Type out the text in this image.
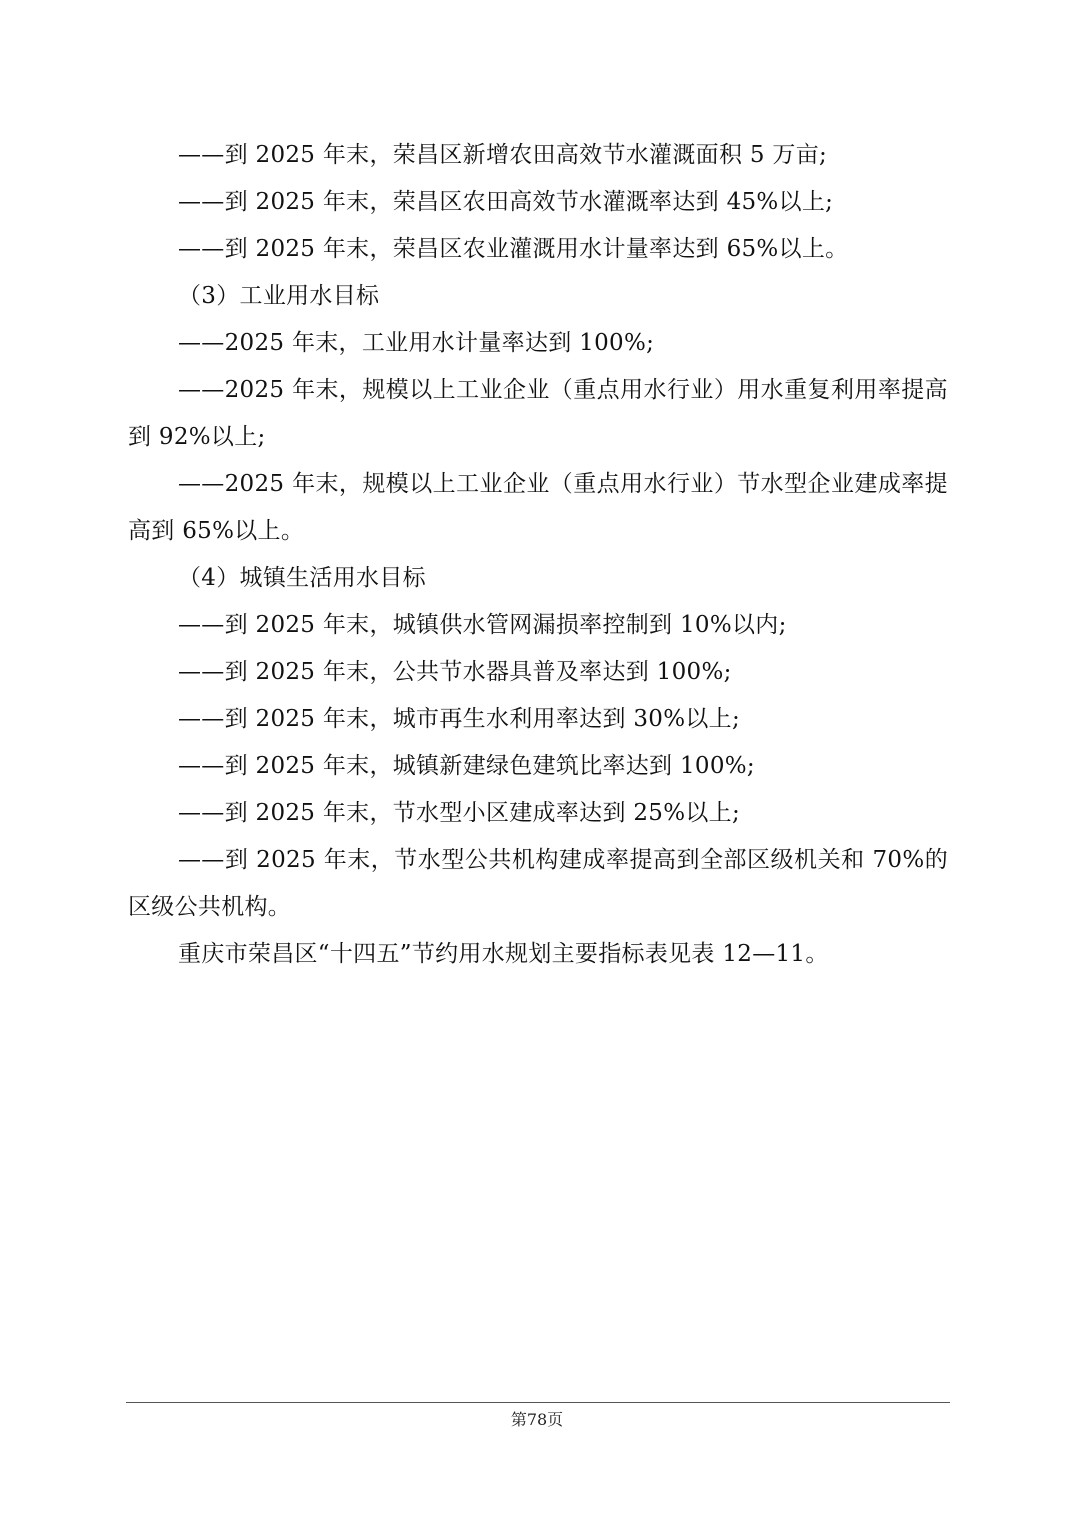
——到 2025 年末，荣昌区新增农田高效节水灌溉面积 5 万亩;
——到 2025 年末，荣昌区农田高效节水灌溉率达到 45%以上;
——到 2025 年末，荣昌区农业灌溉用水计量率达到 65%以上。
（3）工业用水目标
——2025 年末，工业用水计量率达到 100%;
——2025 年末，规模以上工业企业（重点用水行业）用水重复利用率提高到 92%以上;
——2025 年末，规模以上工业企业（重点用水行业）节水型企业建成率提高到 65%以上。
（4）城镇生活用水目标
——到 2025 年末，城镇供水管网漏损率控制到 10%以内;
——到 2025 年末，公共节水器具普及率达到 100%;
——到 2025 年末，城市再生水利用率达到 30%以上;
——到 2025 年末，城镇新建绿色建筑比率达到 100%;
——到 2025 年末，节水型小区建成率达到 25%以上;
——到 2025 年末，节水型公共机构建成率提高到全部区级机关和 70%的区级公共机构。
重庆市荣昌区“十四五”节约用水规划主要指标表见表 12—11。
第78页
